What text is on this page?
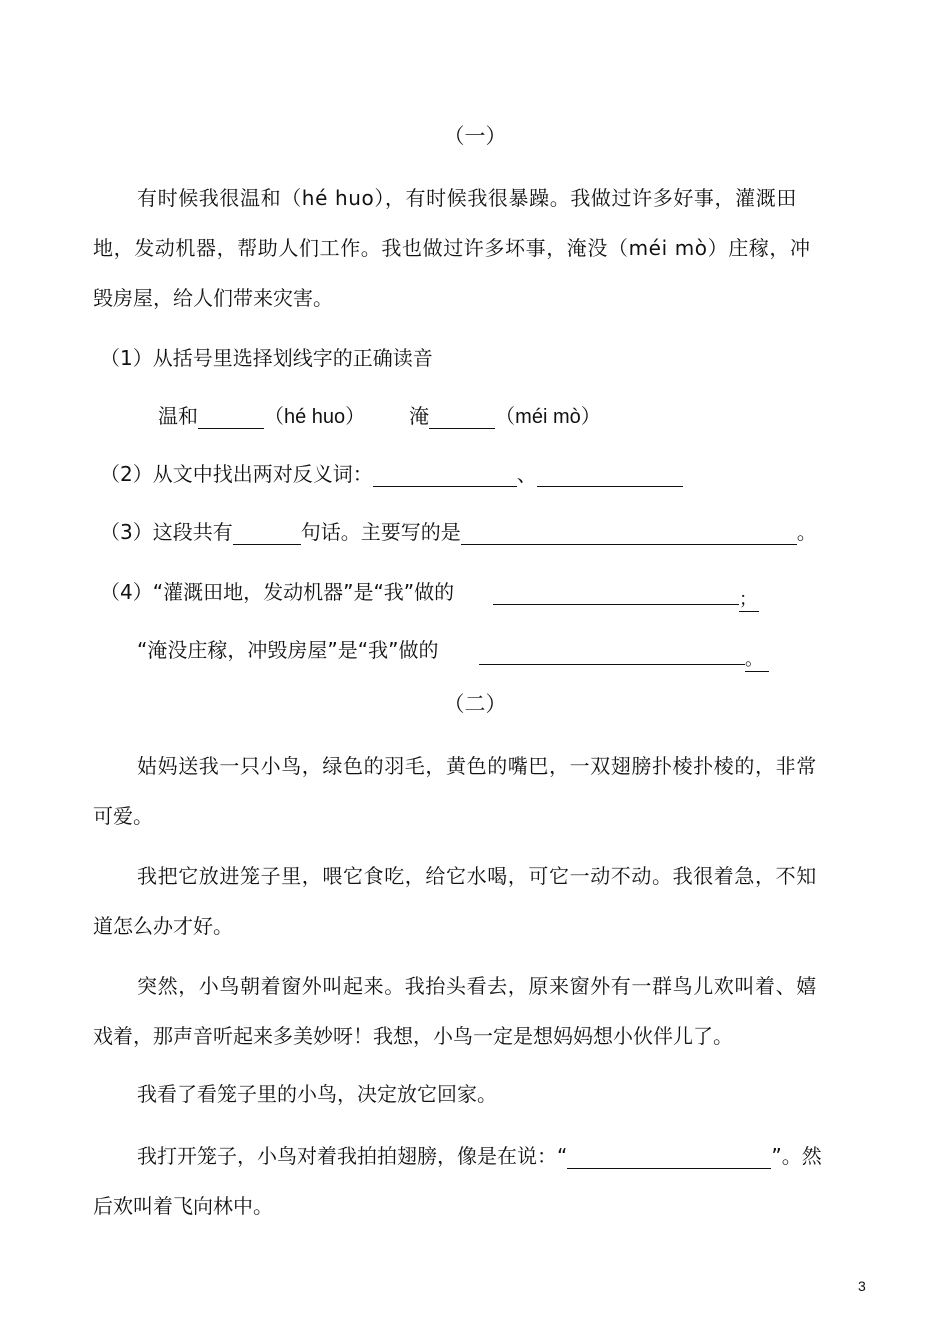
（一）
有时候我很温和（hé huo），有时候我很暴躁。我做过许多好事，灌溉田
地，发动机器，帮助人们工作。我也做过许多坏事，淹没（méi mò）庄稼，冲
毁房屋，给人们带来灾害。
（1）从括号里选择划线字的正确读音
温和	（hé huo） 淹	（méi mò）
（2）从文中找出两对反义词：	、
（3）这段共有	句话。主要写的是	。
（4）“灌溉田地，发动机器”是“我”做的	；
“淹没庄稼，冲毁房屋”是“我”做的	。
（二）
姑妈送我一只小鸟，绿色的羽毛，黄色的嘴巴，一双翅膀扑棱扑棱的，非常
可爱。
我把它放进笼子里，喂它食吃，给它水喝，可它一动不动。我很着急，不知
道怎么办才好。
突然，小鸟朝着窗外叫起来。我抬头看去，原来窗外有一群鸟儿欢叫着、嬉
戏着，那声音听起来多美妙呀！我想，小鸟一定是想妈妈想小伙伴儿了。
我看了看笼子里的小鸟，决定放它回家。
我打开笼子，小鸟对着我拍拍翅膀，像是在说：“	”。然
后欢叫着飞向林中。
3
